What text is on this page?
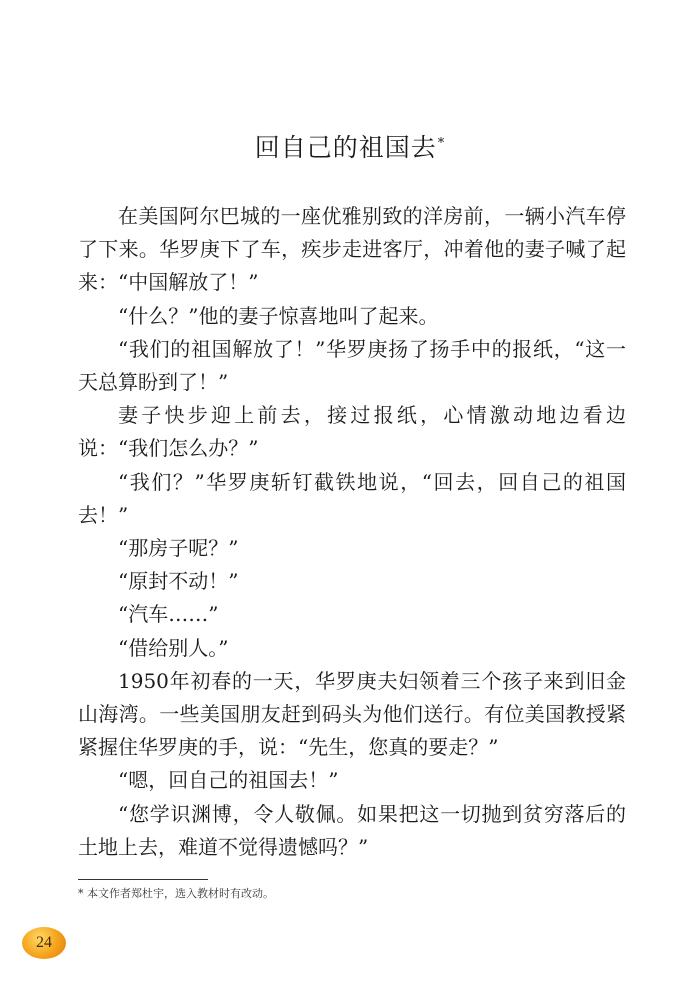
回自己的祖国去*

在美国阿尔巴城的一座优雅别致的洋房前，一辆小汽车停了下来。华罗庚下了车，疾步走进客厅，冲着他的妻子喊了起来：“中国解放了！”

“什么？”他的妻子惊喜地叫了起来。

“我们的祖国解放了！”华罗庚扬了扬手中的报纸，“这一天总算盼到了！”

妻子快步迎上前去，接过报纸，心情激动地边看边说：“我们怎么办？”

“我们？”华罗庚斩钉截铁地说，“回去，回自己的祖国去！”

“那房子呢？”

“原封不动！”

“汽车……”

“借给别人。”

1950年初春的一天，华罗庚夫妇领着三个孩子来到旧金山海湾。一些美国朋友赶到码头为他们送行。有位美国教授紧紧握住华罗庚的手，说：“先生，您真的要走？”

“嗯，回自己的祖国去！”

“您学识渊博，令人敬佩。如果把这一切抛到贫穷落后的土地上去，难道不觉得遗憾吗？”

* 本文作者郑杜宇，选入教材时有改动。
24
